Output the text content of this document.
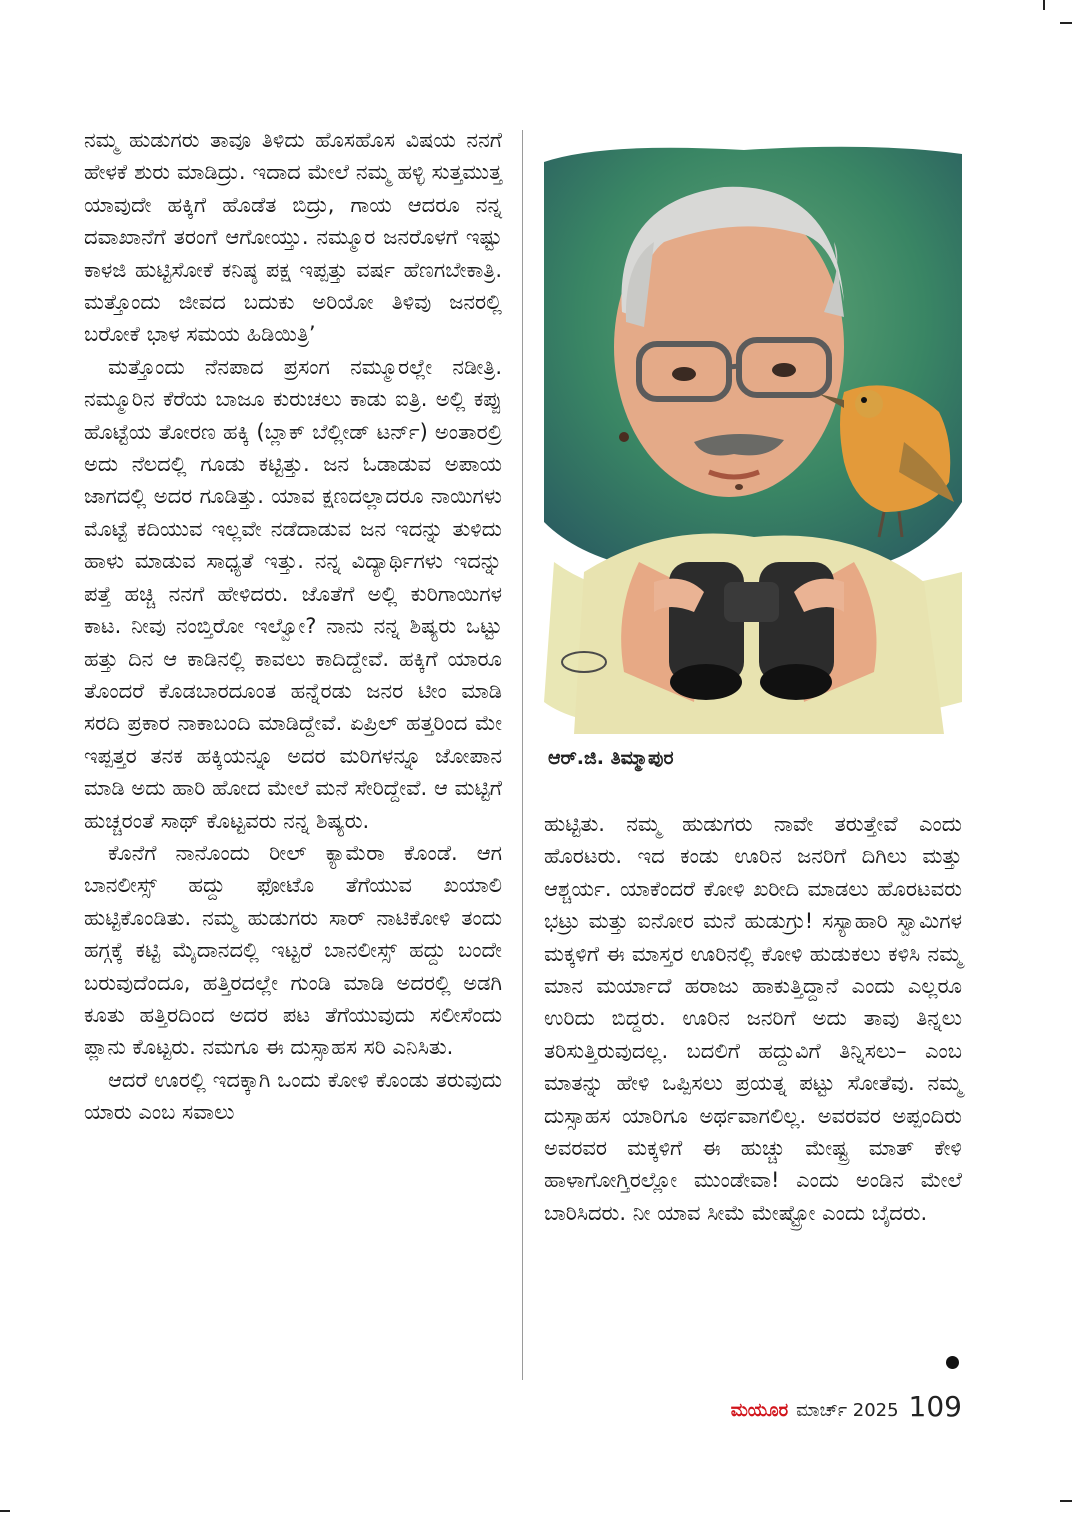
ನಮ್ಮ ಹುಡುಗರು ತಾವೂ ತಿಳಿದು ಹೊಸಹೊಸ ವಿಷಯ ನನಗೆ ಹೇಳಕೆ ಶುರು ಮಾಡಿದ್ರು. ಇದಾದ ಮೇಲೆ ನಮ್ಮ ಹಳ್ಳಿ ಸುತ್ತಮುತ್ತ ಯಾವುದೇ ಹಕ್ಕಿಗೆ ಹೊಡೆತ ಬಿದ್ರು, ಗಾಯ ಆದರೂ ನನ್ನ ದವಾಖಾನೆಗೆ ತರಂಗೆ ಆಗೋಯ್ತು. ನಮ್ಮೂರ ಜನರೊಳಗೆ ಇಷ್ಟು ಕಾಳಜಿ ಹುಟ್ಟಿಸೋಕೆ ಕನಿಷ್ಠ ಪಕ್ಷ ಇಪ್ಪತ್ತು ವರ್ಷ ಹೆಣಗಬೇಕಾತ್ರಿ. ಮತ್ತೊಂದು ಜೀವದ ಬದುಕು ಅರಿಯೋ ತಿಳಿವು ಜನರಲ್ಲಿ ಬರೋಕೆ ಭಾಳ ಸಮಯ ಹಿಡಿಯಿತ್ರಿ’

ಮತ್ತೊಂದು ನೆನಪಾದ ಪ್ರಸಂಗ ನಮ್ಮೂರಲ್ಲೇ ನಡೀತ್ರಿ. ನಮ್ಮೂರಿನ ಕೆರೆಯ ಬಾಜೂ ಕುರುಚಲು ಕಾಡು ಐತ್ರಿ. ಅಲ್ಲಿ ಕಪ್ಪು ಹೊಟ್ಟೆಯ ತೋರಣ ಹಕ್ಕಿ (ಬ್ಲಾಕ್ ಬೆಲ್ಲೀಡ್ ಟರ್ನ್) ಅಂತಾರಲ್ರಿ ಅದು ನೆಲದಲ್ಲಿ ಗೂಡು ಕಟ್ಟಿತ್ತು. ಜನ ಓಡಾಡುವ ಅಪಾಯ ಜಾಗದಲ್ಲಿ ಅದರ ಗೂಡಿತ್ತು. ಯಾವ ಕ್ಷಣದಲ್ಲಾದರೂ ನಾಯಿಗಳು ಮೊಟ್ಟೆ ಕದಿಯುವ ಇಲ್ಲವೇ ನಡೆದಾಡುವ ಜನ ಇದನ್ನು ತುಳಿದು ಹಾಳು ಮಾಡುವ ಸಾಧ್ಯತೆ ಇತ್ತು. ನನ್ನ ವಿದ್ಯಾರ್ಥಿಗಳು ಇದನ್ನು ಪತ್ತೆ ಹಚ್ಚಿ ನನಗೆ ಹೇಳಿದರು. ಜೊತೆಗೆ ಅಲ್ಲಿ ಕುರಿಗಾಯಿಗಳ ಕಾಟ. ನೀವು ನಂಬ್ತಿರೋ ಇಲ್ವೋ? ನಾನು ನನ್ನ ಶಿಷ್ಯರು ಒಟ್ಟು ಹತ್ತು ದಿನ ಆ ಕಾಡಿನಲ್ಲಿ ಕಾವಲು ಕಾದಿದ್ದೇವೆ. ಹಕ್ಕಿಗೆ ಯಾರೂ ತೊಂದರೆ ಕೊಡಬಾರದೂಂತ ಹನ್ನೆರಡು ಜನರ ಟೀಂ ಮಾಡಿ ಸರದಿ ಪ್ರಕಾರ ನಾಕಾಬಂದಿ ಮಾಡಿದ್ದೇವೆ. ಏಪ್ರಿಲ್ ಹತ್ತರಿಂದ ಮೇ ಇಪ್ಪತ್ತರ ತನಕ ಹಕ್ಕಿಯನ್ನೂ ಅದರ ಮರಿಗಳನ್ನೂ ಜೋಪಾನ ಮಾಡಿ ಅದು ಹಾರಿ ಹೋದ ಮೇಲೆ ಮನೆ ಸೇರಿದ್ದೇವೆ. ಆ ಮಟ್ಟಿಗೆ ಹುಚ್ಚರಂತೆ ಸಾಥ್ ಕೊಟ್ಟವರು ನನ್ನ ಶಿಷ್ಯರು.

ಕೊನೆಗೆ ನಾನೊಂದು ರೀಲ್ ಕ್ಯಾಮೆರಾ ಕೊಂಡೆ. ಆಗ ಬಾನಲೀಸ್ಸ್ ಹದ್ದು ಫೋಟೊ ತೆಗೆಯುವ ಖಯಾಲಿ ಹುಟ್ಟಿಕೊಂಡಿತು. ನಮ್ಮ ಹುಡುಗರು ಸಾರ್ ನಾಟಿಕೋಳಿ ತಂದು ಹಗ್ಗಕ್ಕೆ ಕಟ್ಟಿ ಮೈದಾನದಲ್ಲಿ ಇಟ್ಟರೆ ಬಾನಲೀಸ್ಸ್ ಹದ್ದು ಬಂದೇ ಬರುವುದೆಂದೂ, ಹತ್ತಿರದಲ್ಲೇ ಗುಂಡಿ ಮಾಡಿ ಅದರಲ್ಲಿ ಅಡಗಿ ಕೂತು ಹತ್ತಿರದಿಂದ ಅದರ ಪಟ ತೆಗೆಯುವುದು ಸಲೀಸೆಂದು ಪ್ಲಾನು ಕೊಟ್ಟರು. ನಮಗೂ ಈ ದುಸ್ಸಾಹಸ ಸರಿ ಎನಿಸಿತು.

ಆದರೆ ಊರಲ್ಲಿ ಇದಕ್ಕಾಗಿ ಒಂದು ಕೋಳಿ ಕೊಂಡು ತರುವುದು ಯಾರು ಎಂಬ ಸವಾಲು

ಆರ್.ಜಿ. ತಿಮ್ಮಾಪುರ

ಹುಟ್ಟಿತು. ನಮ್ಮ ಹುಡುಗರು ನಾವೇ ತರುತ್ತೇವೆ ಎಂದು ಹೊರಟರು. ಇದ ಕಂಡು ಊರಿನ ಜನರಿಗೆ ದಿಗಿಲು ಮತ್ತು ಆಶ್ಚರ್ಯ. ಯಾಕೆಂದರೆ ಕೋಳಿ ಖರೀದಿ ಮಾಡಲು ಹೊರಟವರು ಭಟ್ರು ಮತ್ತು ಐನೋರ ಮನೆ ಹುಡುಗ್ರು! ಸಸ್ಯಾಹಾರಿ ಸ್ವಾಮಿಗಳ ಮಕ್ಕಳಿಗೆ ಈ ಮಾಸ್ತರ ಊರಿನಲ್ಲಿ ಕೋಳಿ ಹುಡುಕಲು ಕಳಿಸಿ ನಮ್ಮ ಮಾನ ಮರ್ಯಾದೆ ಹರಾಜು ಹಾಕುತ್ತಿದ್ದಾನೆ ಎಂದು ಎಲ್ಲರೂ ಉರಿದು ಬಿದ್ದರು. ಊರಿನ ಜನರಿಗೆ ಅದು ತಾವು ತಿನ್ನಲು ತರಿಸುತ್ತಿರುವುದಲ್ಲ. ಬದಲಿಗೆ ಹದ್ದುವಿಗೆ ತಿನ್ನಿಸಲು– ಎಂಬ ಮಾತನ್ನು ಹೇಳಿ ಒಪ್ಪಿಸಲು ಪ್ರಯತ್ನ ಪಟ್ಟು ಸೋತೆವು. ನಮ್ಮ ದುಸ್ಸಾಹಸ ಯಾರಿಗೂ ಅರ್ಥವಾಗಲಿಲ್ಲ. ಅವರವರ ಅಪ್ಪಂದಿರು ಅವರವರ ಮಕ್ಕಳಿಗೆ ಈ ಹುಚ್ಚು ಮೇಷ್ಟ್ರ ಮಾತ್ ಕೇಳಿ ಹಾಳಾಗೋಗ್ತಿರಲ್ಲೋ ಮುಂಡೇವಾ! ಎಂದು ಅಂಡಿನ ಮೇಲೆ ಬಾರಿಸಿದರು. ನೀ ಯಾವ ಸೀಮೆ ಮೇಷ್ಟ್ರೋ ಎಂದು ಬೈದರು.

ಮಯೂರ ಮಾರ್ಚ್ 2025 109
